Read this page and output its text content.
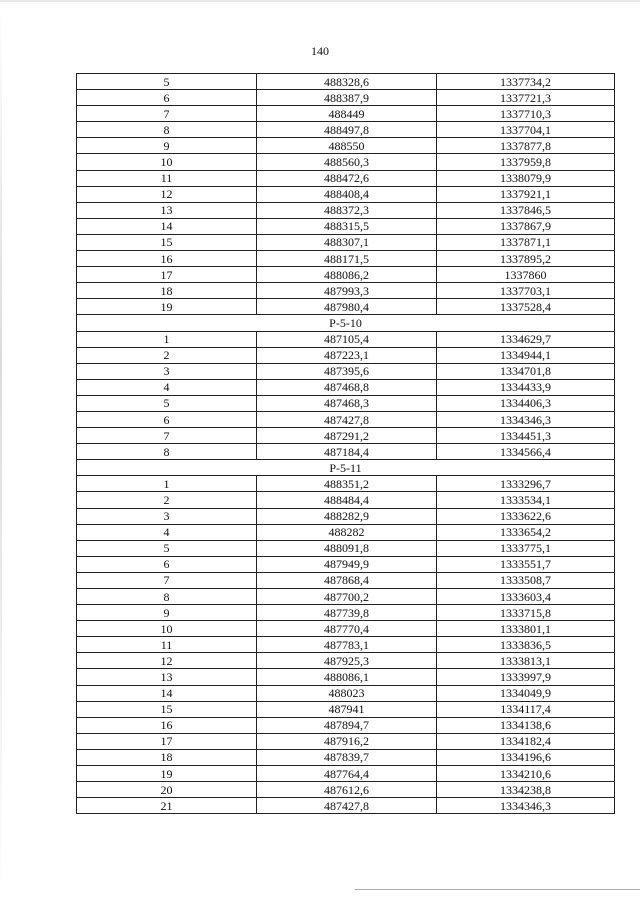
140
5	488328,6	1337734,2
6	488387,9	1337721,3
7	488449	1337710,3
8	488497,8	1337704,1
9	488550	1337877,8
10	488560,3	1337959,8
11	488472,6	1338079,9
12	488408,4	1337921,1
13	488372,3	1337846,5
14	488315,5	1337867,9
15	488307,1	1337871,1
16	488171,5	1337895,2
17	488086,2	1337860
18	487993,3	1337703,1
19	487980,4	1337528,4
Р-5-10		
1	487105,4	1334629,7
2	487223,1	1334944,1
3	487395,6	1334701,8
4	487468,8	1334433,9
5	487468,3	1334406,3
6	487427,8	1334346,3
7	487291,2	1334451,3
8	487184,4	1334566,4
Р-5-11		
1	488351,2	1333296,7
2	488484,4	1333534,1
3	488282,9	1333622,6
4	488282	1333654,2
5	488091,8	1333775,1
6	487949,9	1333551,7
7	487868,4	1333508,7
8	487700,2	1333603,4
9	487739,8	1333715,8
10	487770,4	1333801,1
11	487783,1	1333836,5
12	487925,3	1333813,1
13	488086,1	1333997,9
14	488023	1334049,9
15	487941	1334117,4
16	487894,7	1334138,6
17	487916,2	1334182,4
18	487839,7	1334196,6
19	487764,4	1334210,6
20	487612,6	1334238,8
21	487427,8	1334346,3
